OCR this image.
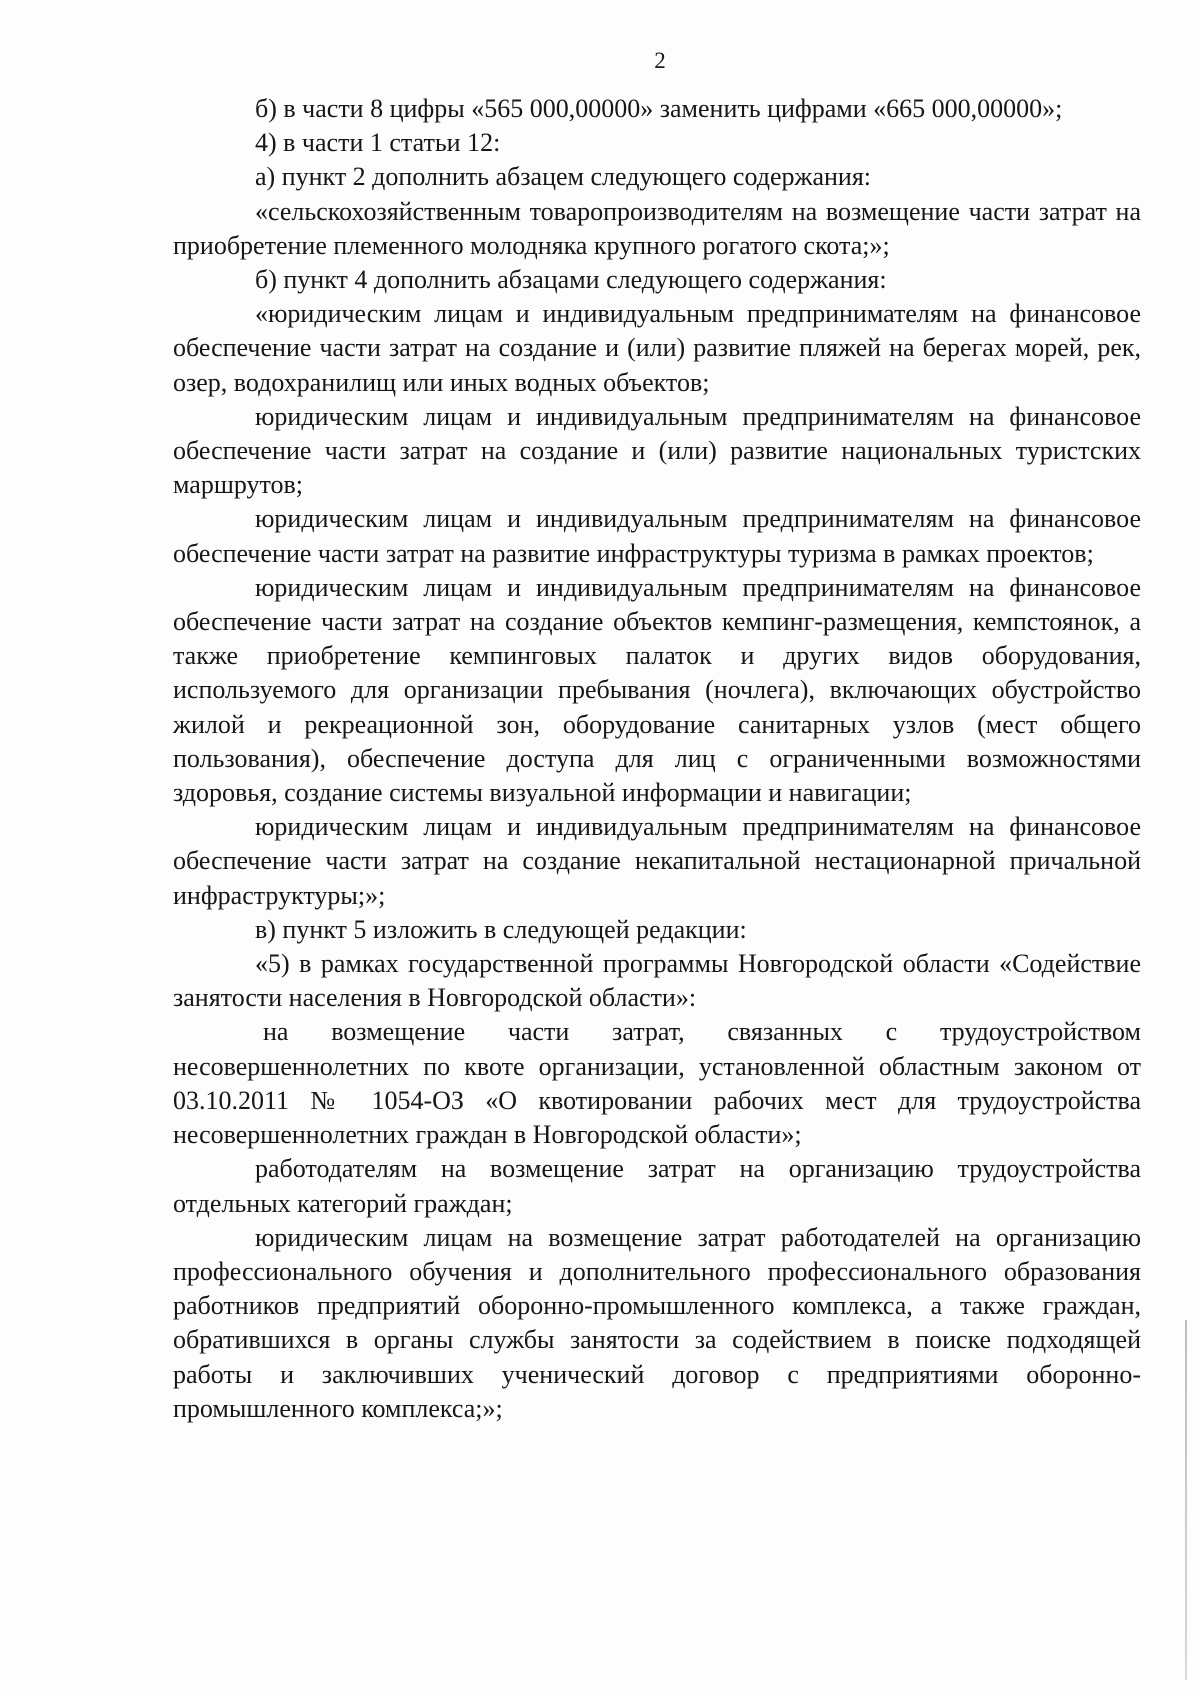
2

б) в части 8 цифры «565 000,00000» заменить цифрами «665 000,00000»;

4) в части 1 статьи 12:

а) пункт 2 дополнить абзацем следующего содержания:

«сельскохозяйственным товаропроизводителям на возмещение части затрат на приобретение племенного молодняка крупного рогатого скота;»;

б) пункт 4 дополнить абзацами следующего содержания:

«юридическим лицам и индивидуальным предпринимателям на финансовое обеспечение части затрат на создание и (или) развитие пляжей на берегах морей, рек, озер, водохранилищ или иных водных объектов;

юридическим лицам и индивидуальным предпринимателям на финансовое обеспечение части затрат на создание и (или) развитие национальных туристских маршрутов;

юридическим лицам и индивидуальным предпринимателям на финансовое обеспечение части затрат на развитие инфраструктуры туризма в рамках проектов;

юридическим лицам и индивидуальным предпринимателям на финансовое обеспечение части затрат на создание объектов кемпинг-размещения, кемпстоянок, а также приобретение кемпинговых палаток и других видов оборудования, используемого для организации пребывания (ночлега), включающих обустройство жилой и рекреационной зон, оборудование санитарных узлов (мест общего пользования), обеспечение доступа для лиц с ограниченными возможностями здоровья, создание системы визуальной информации и навигации;

юридическим лицам и индивидуальным предпринимателям на финансовое обеспечение части затрат на создание некапитальной нестационарной причальной инфраструктуры;»;

в) пункт 5 изложить в следующей редакции:

«5) в рамках государственной программы Новгородской области «Содействие занятости населения в Новгородской области»:

на возмещение части затрат, связанных с трудоустройством несовершеннолетних по квоте организации, установленной областным законом от 03.10.2011 № 1054-ОЗ «О квотировании рабочих мест для трудоустройства несовершеннолетних граждан в Новгородской области»;

работодателям на возмещение затрат на организацию трудоустройства отдельных категорий граждан;

юридическим лицам на возмещение затрат работодателей на организацию профессионального обучения и дополнительного профессионального образования работников предприятий оборонно-промышленного комплекса, а также граждан, обратившихся в органы службы занятости за содействием в поиске подходящей работы и заключивших ученический договор с предприятиями оборонно-промышленного комплекса;»;
